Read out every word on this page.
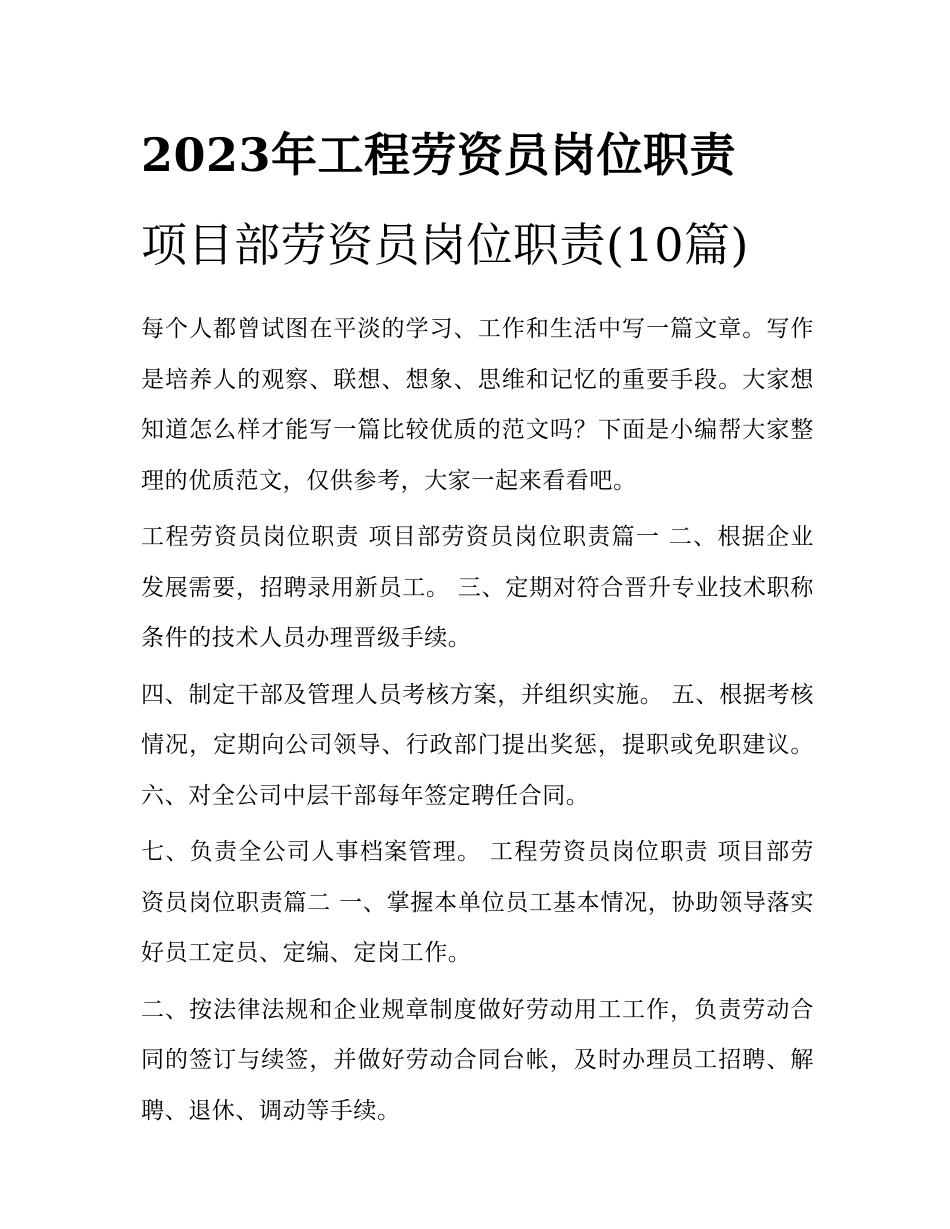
2023年工程劳资员岗位职责
项目部劳资员岗位职责(10篇)

每个人都曾试图在平淡的学习、工作和生活中写一篇文章。写作是培养人的观察、联想、想象、思维和记忆的重要手段。大家想知道怎么样才能写一篇比较优质的范文吗？下面是小编帮大家整理的优质范文，仅供参考，大家一起来看看吧。

工程劳资员岗位职责 项目部劳资员岗位职责篇一 二、根据企业发展需要，招聘录用新员工。 三、定期对符合晋升专业技术职称条件的技术人员办理晋级手续。

四、制定干部及管理人员考核方案，并组织实施。 五、根据考核情况，定期向公司领导、行政部门提出奖惩，提职或免职建议。 六、对全公司中层干部每年签定聘任合同。

七、负责全公司人事档案管理。 工程劳资员岗位职责 项目部劳资员岗位职责篇二 一、掌握本单位员工基本情况，协助领导落实好员工定员、定编、定岗工作。

二、按法律法规和企业规章制度做好劳动用工工作，负责劳动合同的签订与续签，并做好劳动合同台帐，及时办理员工招聘、解聘、退休、调动等手续。
